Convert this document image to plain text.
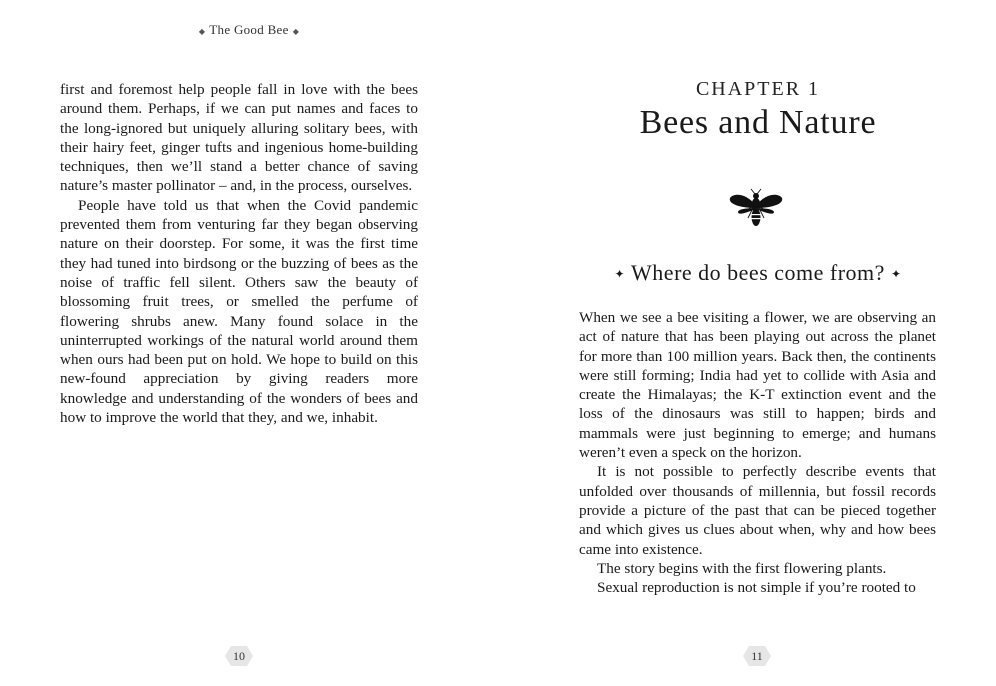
◆ The Good Bee ◆

first and foremost help people fall in love with the bees around them. Perhaps, if we can put names and faces to the long-ignored but uniquely alluring solitary bees, with their hairy feet, ginger tufts and ingenious home-building techniques, then we’ll stand a better chance of saving nature’s master pollinator – and, in the process, ourselves.

People have told us that when the Covid pandemic prevented them from venturing far they began observing nature on their doorstep. For some, it was the first time they had tuned into birdsong or the buzzing of bees as the noise of traffic fell silent. Others saw the beauty of blossoming fruit trees, or smelled the perfume of flowering shrubs anew. Many found solace in the uninterrupted workings of the natural world around them when ours had been put on hold. We hope to build on this new-found appreciation by giving readers more knowledge and understanding of the wonders of bees and how to improve the world that they, and we, inhabit.

10
CHAPTER 1
Bees and Nature
✦ Where do bees come from? ✦

When we see a bee visiting a flower, we are observing an act of nature that has been playing out across the planet for more than 100 million years. Back then, the continents were still forming; India had yet to collide with Asia and create the Himalayas; the K-T extinction event and the loss of the dinosaurs was still to happen; birds and mammals were just beginning to emerge; and humans weren’t even a speck on the horizon.

It is not possible to perfectly describe events that unfolded over thousands of millennia, but fossil records provide a picture of the past that can be pieced together and which gives us clues about when, why and how bees came into existence.

The story begins with the first flowering plants.

Sexual reproduction is not simple if you’re rooted to

11
